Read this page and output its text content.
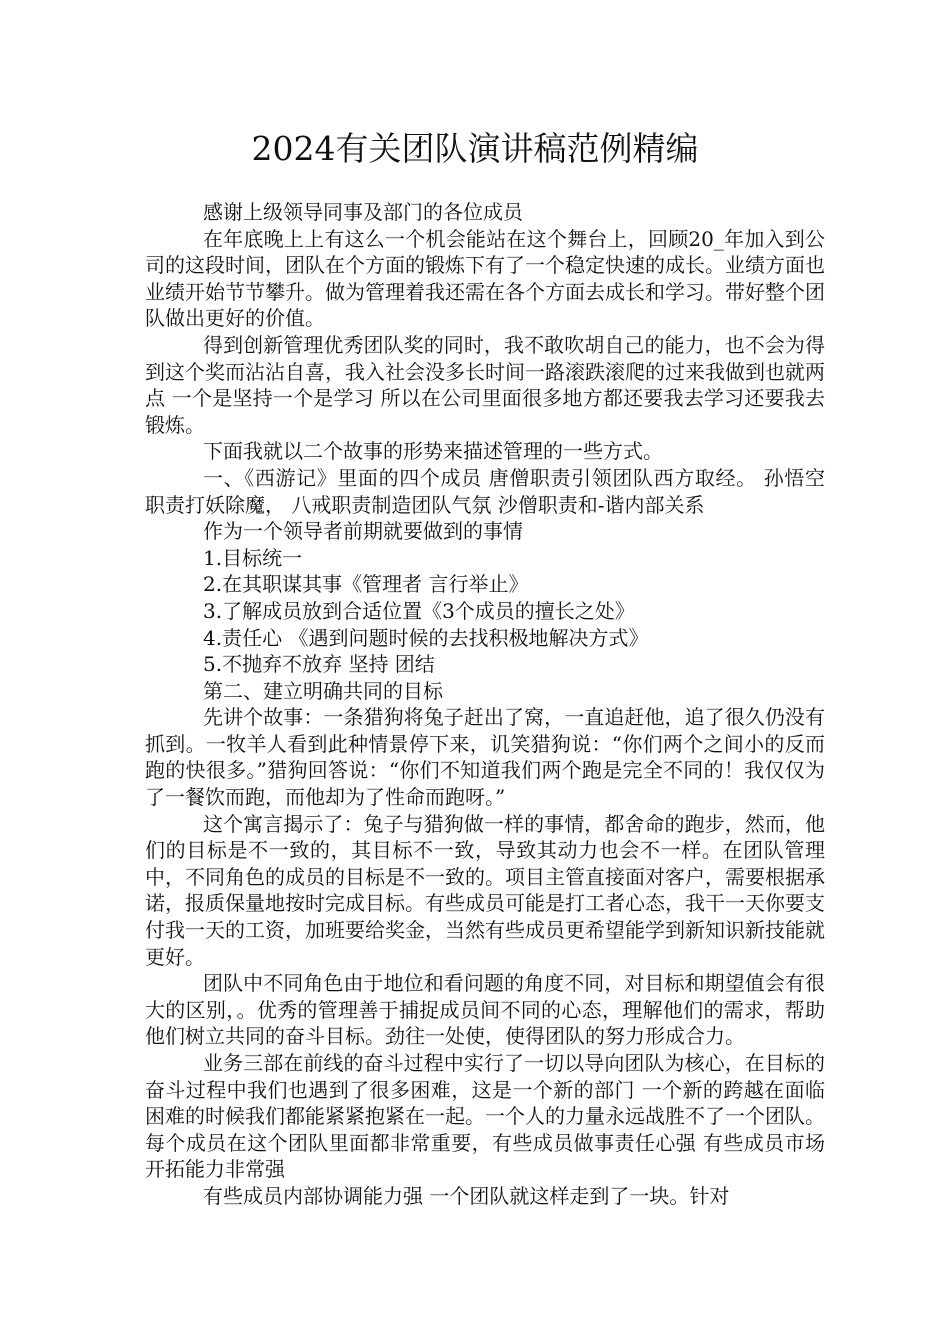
2024有关团队演讲稿范例精编

感谢上级领导同事及部门的各位成员

在年底晚上上有这么一个机会能站在这个舞台上，回顾20_年加入到公司的这段时间，团队在个方面的锻炼下有了一个稳定快速的成长。业绩方面也业绩开始节节攀升。做为管理着我还需在各个方面去成长和学习。带好整个团队做出更好的价值。

得到创新管理优秀团队奖的同时，我不敢吹胡自己的能力，也不会为得到这个奖而沾沾自喜，我入社会没多长时间一路滚跌滚爬的过来我做到也就两点 一个是坚持一个是学习 所以在公司里面很多地方都还要我去学习还要我去锻炼。

下面我就以二个故事的形势来描述管理的一些方式。

一、《西游记》里面的四个成员 唐僧职责引领团队西方取经。 孙悟空职责打妖除魔， 八戒职责制造团队气氛 沙僧职责和-谐内部关系

作为一个领导者前期就要做到的事情

1.目标统一

2.在其职谋其事《管理者 言行举止》

3.了解成员放到合适位置《3个成员的擅长之处》

4.责任心 《遇到问题时候的去找积极地解决方式》

5.不抛弃不放弃 坚持 团结

第二、建立明确共同的目标

先讲个故事：一条猎狗将兔子赶出了窝，一直追赶他，追了很久仍没有抓到。一牧羊人看到此种情景停下来，讥笑猎狗说：“你们两个之间小的反而跑的快很多。”猎狗回答说：“你们不知道我们两个跑是完全不同的！我仅仅为了一餐饮而跑，而他却为了性命而跑呀。”

这个寓言揭示了：兔子与猎狗做一样的事情，都舍命的跑步，然而，他们的目标是不一致的，其目标不一致，导致其动力也会不一样。在团队管理中，不同角色的成员的目标是不一致的。项目主管直接面对客户，需要根据承诺，报质保量地按时完成目标。有些成员可能是打工者心态，我干一天你要支付我一天的工资，加班要给奖金，当然有些成员更希望能学到新知识新技能就更好。

团队中不同角色由于地位和看问题的角度不同，对目标和期望值会有很大的区别，。优秀的管理善于捕捉成员间不同的心态，理解他们的需求，帮助他们树立共同的奋斗目标。劲往一处使，使得团队的努力形成合力。

业务三部在前线的奋斗过程中实行了一切以导向团队为核心，在目标的奋斗过程中我们也遇到了很多困难，这是一个新的部门 一个新的跨越在面临困难的时候我们都能紧紧抱紧在一起。一个人的力量永远战胜不了一个团队。每个成员在这个团队里面都非常重要，有些成员做事责任心强 有些成员市场开拓能力非常强

有些成员内部协调能力强 一个团队就这样走到了一块。针对
